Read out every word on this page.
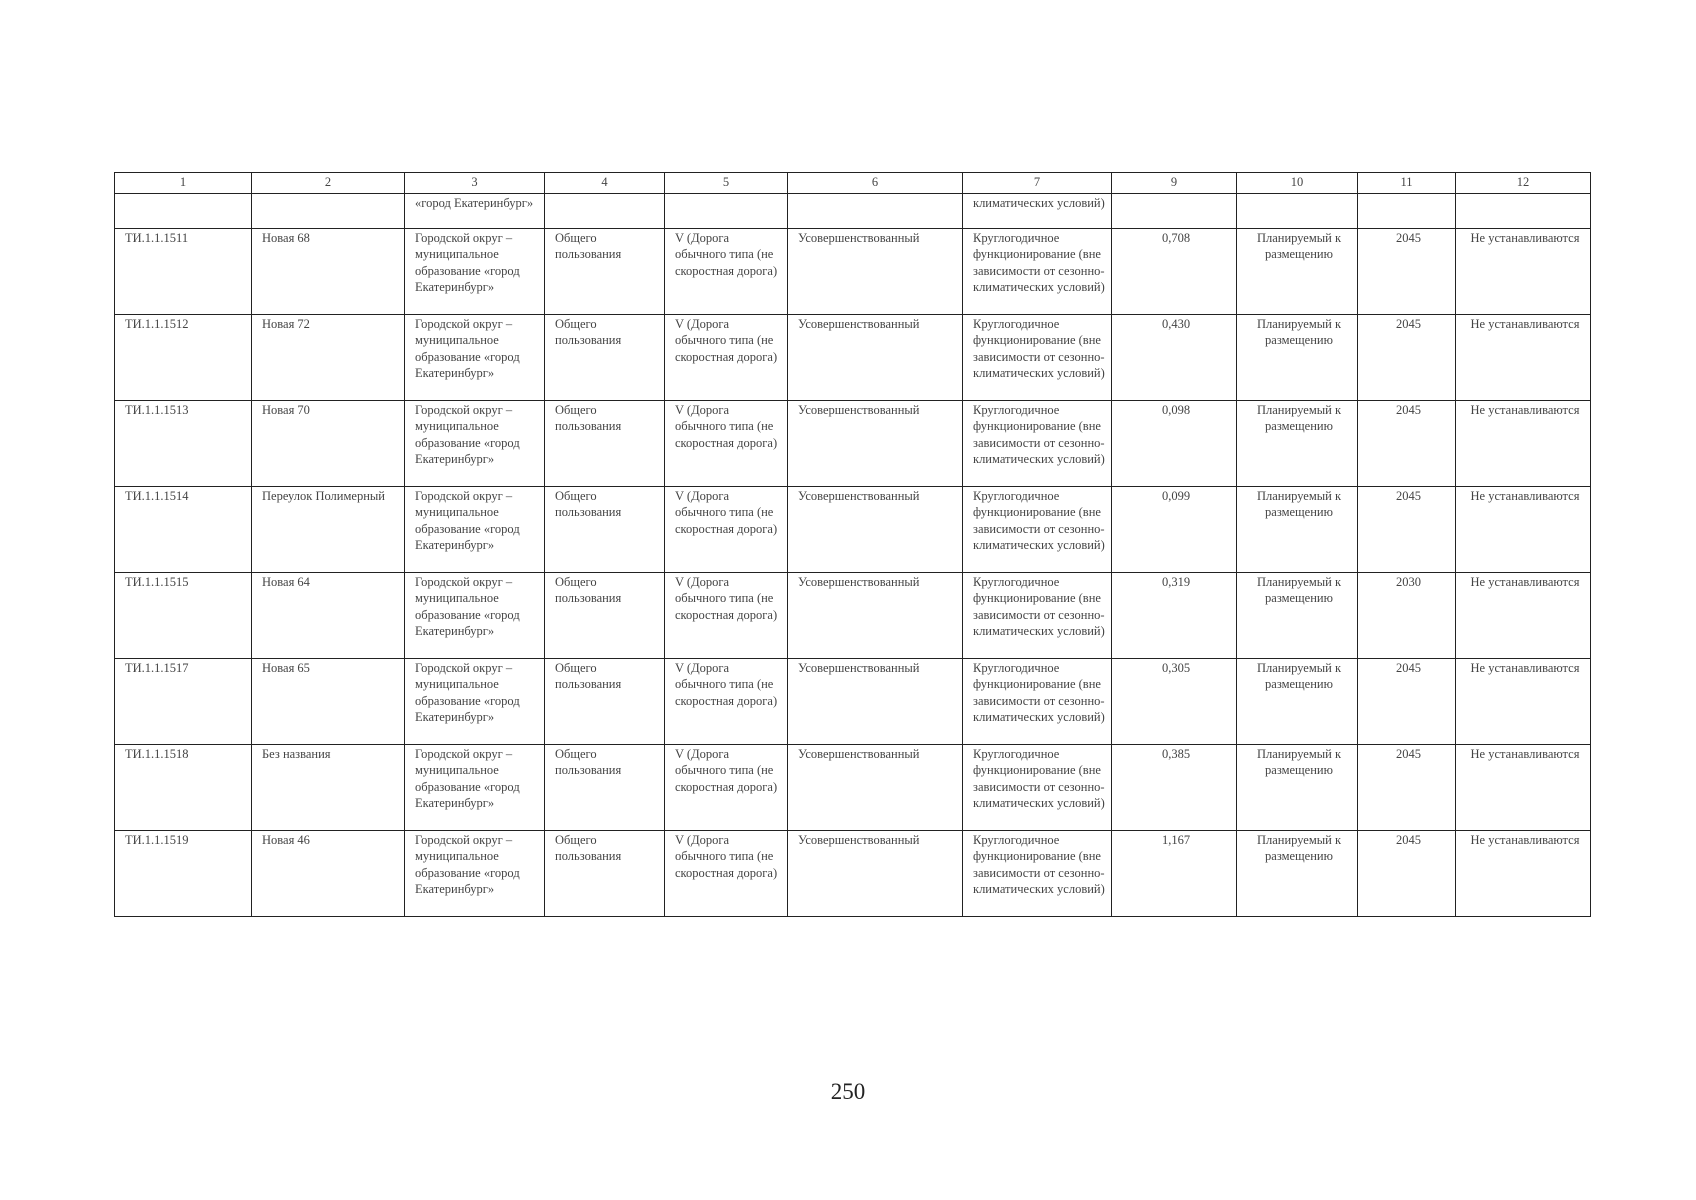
1	2	3	4	5	6	7	9	10	11	12
		«город Екатеринбург»				климатических условий)				
ТИ.1.1.1511	Новая 68	Городской округ – муниципальное образование «город Екатеринбург»	Общего пользования	V (Дорога обычного типа (не скоростная дорога)	Усовершенствованный	Круглогодичное функционирование (вне зависимости от сезонно-климатических условий)	0,708	Планируемый к размещению	2045	Не устанавливаются
ТИ.1.1.1512	Новая 72	Городской округ – муниципальное образование «город Екатеринбург»	Общего пользования	V (Дорога обычного типа (не скоростная дорога)	Усовершенствованный	Круглогодичное функционирование (вне зависимости от сезонно-климатических условий)	0,430	Планируемый к размещению	2045	Не устанавливаются
ТИ.1.1.1513	Новая 70	Городской округ – муниципальное образование «город Екатеринбург»	Общего пользования	V (Дорога обычного типа (не скоростная дорога)	Усовершенствованный	Круглогодичное функционирование (вне зависимости от сезонно-климатических условий)	0,098	Планируемый к размещению	2045	Не устанавливаются
ТИ.1.1.1514	Переулок Полимерный	Городской округ – муниципальное образование «город Екатеринбург»	Общего пользования	V (Дорога обычного типа (не скоростная дорога)	Усовершенствованный	Круглогодичное функционирование (вне зависимости от сезонно-климатических условий)	0,099	Планируемый к размещению	2045	Не устанавливаются
ТИ.1.1.1515	Новая 64	Городской округ – муниципальное образование «город Екатеринбург»	Общего пользования	V (Дорога обычного типа (не скоростная дорога)	Усовершенствованный	Круглогодичное функционирование (вне зависимости от сезонно-климатических условий)	0,319	Планируемый к размещению	2030	Не устанавливаются
ТИ.1.1.1517	Новая 65	Городской округ – муниципальное образование «город Екатеринбург»	Общего пользования	V (Дорога обычного типа (не скоростная дорога)	Усовершенствованный	Круглогодичное функционирование (вне зависимости от сезонно-климатических условий)	0,305	Планируемый к размещению	2045	Не устанавливаются
ТИ.1.1.1518	Без названия	Городской округ – муниципальное образование «город Екатеринбург»	Общего пользования	V (Дорога обычного типа (не скоростная дорога)	Усовершенствованный	Круглогодичное функционирование (вне зависимости от сезонно-климатических условий)	0,385	Планируемый к размещению	2045	Не устанавливаются
ТИ.1.1.1519	Новая 46	Городской округ – муниципальное образование «город Екатеринбург»	Общего пользования	V (Дорога обычного типа (не скоростная дорога)	Усовершенствованный	Круглогодичное функционирование (вне зависимости от сезонно-климатических условий)	1,167	Планируемый к размещению	2045	Не устанавливаются
250
